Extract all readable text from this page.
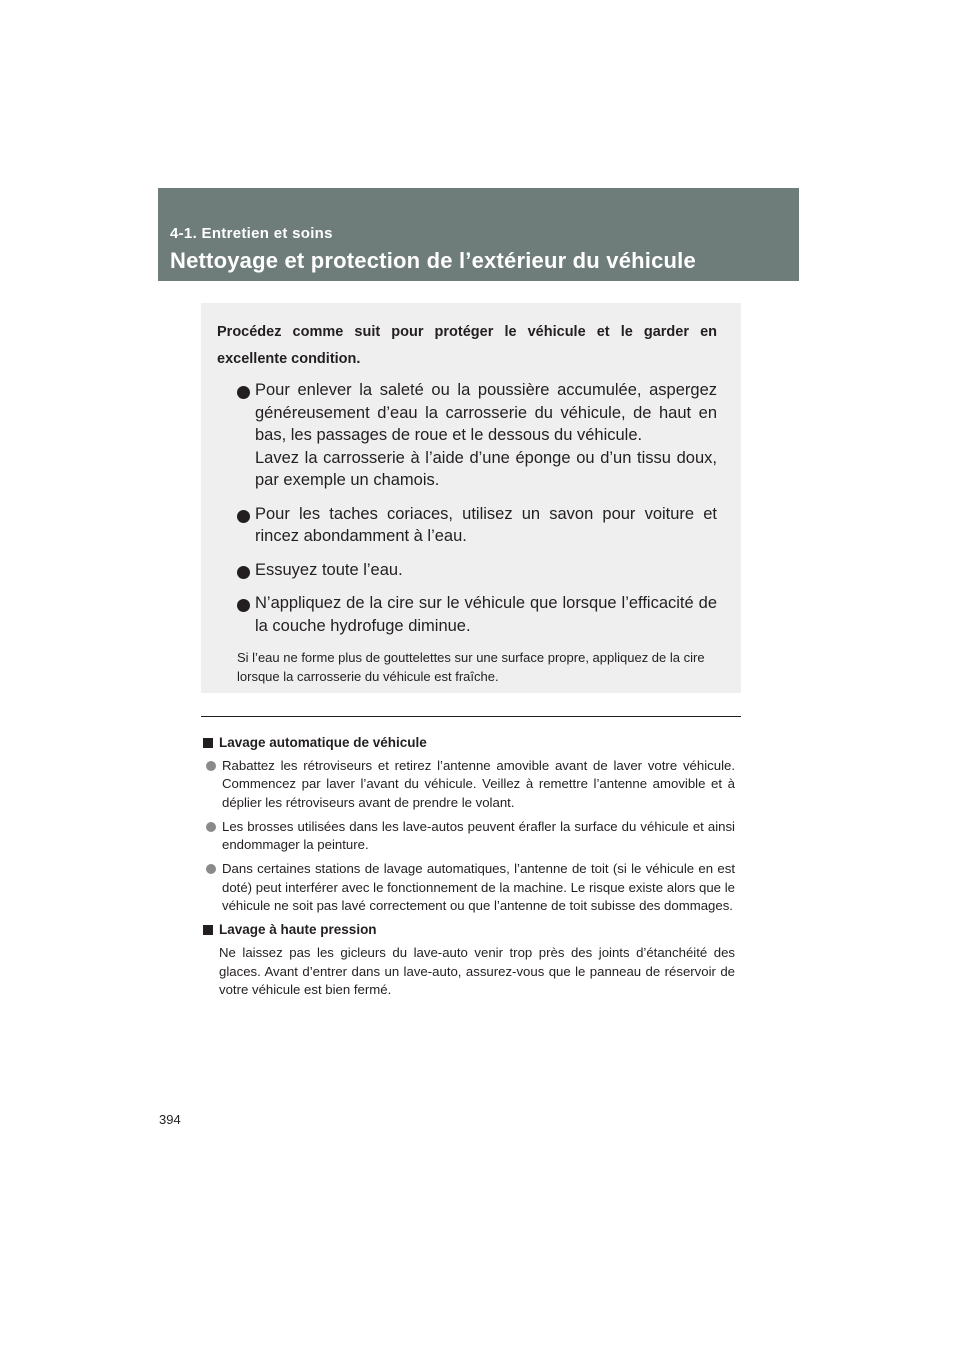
4-1. Entretien et soins
Nettoyage et protection de l’extérieur du véhicule

Procédez comme suit pour protéger le véhicule et le garder en excellente condition.

Pour enlever la saleté ou la poussière accumulée, aspergez généreusement d’eau la carrosserie du véhicule, de haut en bas, les passages de roue et le dessous du véhicule.

Lavez la carrosserie à l’aide d’une éponge ou d’un tissu doux, par exemple un chamois.

Pour les taches coriaces, utilisez un savon pour voiture et rincez abondamment à l’eau.

Essuyez toute l’eau.

N’appliquez de la cire sur le véhicule que lorsque l’efficacité de la couche hydrofuge diminue.

Si l’eau ne forme plus de gouttelettes sur une surface propre, appliquez de la cire lorsque la carrosserie du véhicule est fraîche.
Lavage automatique de véhicule
Rabattez les rétroviseurs et retirez l’antenne amovible avant de laver votre véhicule. Commencez par laver l’avant du véhicule. Veillez à remettre l’antenne amovible et à déplier les rétroviseurs avant de prendre le volant.
Les brosses utilisées dans les lave-autos peuvent érafler la surface du véhicule et ainsi endommager la peinture.
Dans certaines stations de lavage automatiques, l’antenne de toit (si le véhicule en est doté) peut interférer avec le fonctionnement de la machine. Le risque existe alors que le véhicule ne soit pas lavé correctement ou que l’antenne de toit subisse des dommages.
Lavage à haute pression
Ne laissez pas les gicleurs du lave-auto venir trop près des joints d’étanchéité des glaces. Avant d’entrer dans un lave-auto, assurez-vous que le panneau de réservoir de votre véhicule est bien fermé.
394
